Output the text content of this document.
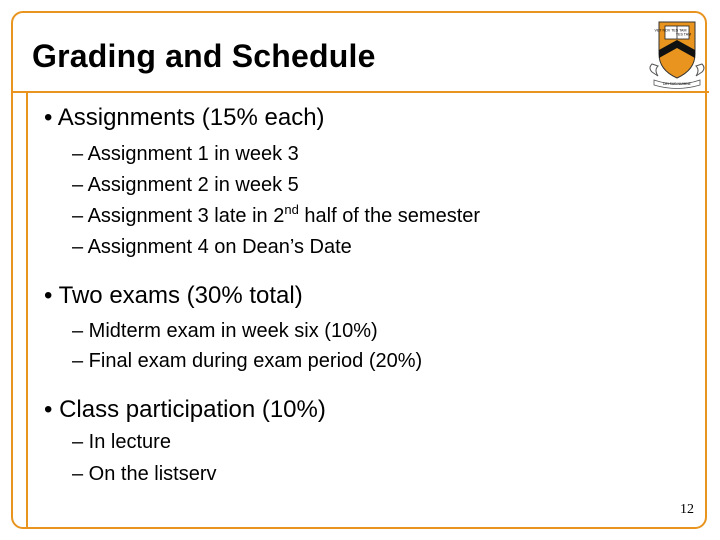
Grading and Schedule
VET NOV TES TAM
TES TAM
DEI SUB NUMINE
• Assignments (15% each)
– Assignment 1 in week 3
– Assignment 2 in week 5
– Assignment 3 late in 2nd half of the semester
– Assignment 4 on Dean’s Date
• Two exams (30% total)
– Midterm exam in week six (10%)
– Final exam during exam period (20%)
• Class participation (10%)
– In lecture
– On the listserv
12
